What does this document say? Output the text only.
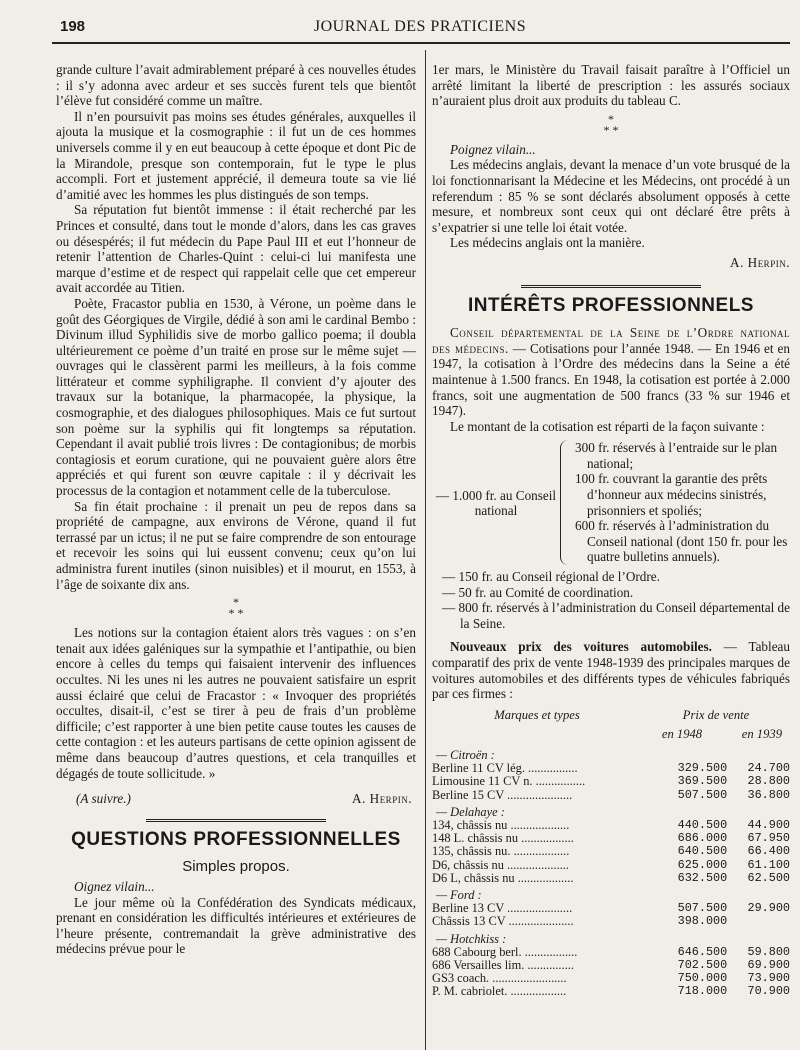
198	JOURNAL DES PRATICIENS

grande culture l’avait admirablement préparé à ces nouvelles études : il s’y adonna avec ardeur et ses succès furent tels que bientôt l’élève fut considéré comme un maître.

Il n’en poursuivit pas moins ses études générales, auxquelles il ajouta la musique et la cosmographie : il fut un de ces hommes universels comme il y en eut beaucoup à cette époque et dont Pic de la Mirandole, presque son contemporain, fut le type le plus accompli. Fort et justement apprécié, il demeura toute sa vie lié d’amitié avec les hommes les plus distingués de son temps.

Sa réputation fut bientôt immense : il était recherché par les Princes et consulté, dans tout le monde d’alors, dans les cas graves ou désespérés; il fut médecin du Pape Paul III et eut l’honneur de retenir l’attention de Charles-Quint : celui-ci lui manifesta une marque d’estime et de respect qui rappelait celle que cet empereur avait accordée au Titien.

Poète, Fracastor publia en 1530, à Vérone, un poème dans le goût des Géorgiques de Virgile, dédié à son ami le cardinal Bembo : Divinum illud Syphilidis sive de morbo gallico poema; il doubla ultérieurement ce poème d’un traité en prose sur le même sujet — ouvrages qui le classèrent parmi les meilleurs, à la fois comme littérateur et comme syphiligraphe. Il convient d’y ajouter des travaux sur la botanique, la pharmacopée, la physique, la cosmographie, et des dialogues philosophiques. Mais ce fut surtout son poème sur la syphilis qui fit longtemps sa réputation. Cependant il avait publié trois livres : De contagionibus; de morbis contagiosis et eorum curatione, qui ne pouvaient guère alors être appréciés et qui furent son œuvre capitale : il y décrivait les processus de la contagion et notamment celle de la tuberculose.

Sa fin était prochaine : il prenait un peu de repos dans sa propriété de campagne, aux environs de Vérone, quand il fut terrassé par un ictus; il ne put se faire comprendre de son entourage et recevoir les soins qui lui eussent convenu; ceux qu’on lui administra furent inutiles (sinon nuisibles) et il mourut, en 1553, à l’âge de soixante dix ans.

*
* *

Les notions sur la contagion étaient alors très vagues : on s’en tenait aux idées galéniques sur la sympathie et l’antipathie, ou bien encore à celles du temps qui faisaient intervenir des influences occultes. Ni les unes ni les autres ne pouvaient satisfaire un esprit aussi éclairé que celui de Fracastor : « Invoquer des propriétés occultes, disait-il, c’est se tirer à peu de frais d’un problème difficile; c’est rapporter à une bien petite cause toutes les causes de cette contagion : et les auteurs partisans de cette opinion agissent de même dans beaucoup d’autres questions, et cela tranquilles et dégagés de toute sollicitude. »

(A suivre.)	A. Herpin.
QUESTIONS PROFESSIONNELLES
Simples propos.

Oignez vilain...

Le jour même où la Confédération des Syndicats médicaux, prenant en considération les difficultés intérieures et extérieures de l’heure présente, contremandait la grève administrative des médecins prévue pour le

1er mars, le Ministère du Travail faisait paraître à l’Officiel un arrêté limitant la liberté de prescription : les assurés sociaux n’auraient plus droit aux produits du tableau C.

*
* *

Poignez vilain...

Les médecins anglais, devant la menace d’un vote brusqué de la loi fonctionnarisant la Médecine et les Médecins, ont procédé à un referendum : 85 % se sont déclarés absolument opposés à cette mesure, et nombreux sont ceux qui ont déclaré être prêts à s’expatrier si une telle loi était votée.

Les médecins anglais ont la manière.

A. Herpin.
INTÉRÊTS PROFESSIONNELS

Conseil départemental de la Seine de l’Ordre national des médecins. — Cotisations pour l’année 1948. — En 1946 et en 1947, la cotisation à l’Ordre des médecins dans la Seine a été maintenue à 1.500 francs. En 1948, la cotisation est portée à 2.000 francs, soit une augmentation de 500 francs (33 % sur 1946 et 1947).

Le montant de la cotisation est réparti de la façon suivante :

— 1.000 fr. au Conseil national
300 fr. réservés à l’entraide sur le plan national;
100 fr. couvrant la garantie des prêts d’honneur aux médecins sinistrés, prisonniers et spoliés;
600 fr. réservés à l’administration du Conseil national (dont 150 fr. pour les quatre bulletins annuels).
— 150 fr. au Conseil régional de l’Ordre.
— 50 fr. au Comité de coordination.
— 800 fr. réservés à l’administration du Conseil départemental de la Seine.

Nouveaux prix des voitures automobiles. — Tableau comparatif des prix de vente 1948-1939 des principales marques de voitures automobiles et des différents types de véhicules fabriqués par ces firmes :

Marques et types	Prix de vente
en 1948	en 1939
— Citroën :		
Berline 11 CV lég. ................	329.500	24.700
Limousine 11 CV n. ................	369.500	28.800
Berline 15 CV .....................	507.500	36.800
— Delahaye :		
134, châssis nu ...................	440.500	44.900
148 L. châssis nu .................	686.000	67.950
135, châssis nu. ..................	640.500	66.400
D6, châssis nu ....................	625.000	61.100
D6 L, châssis nu ..................	632.500	62.500
— Ford :		
Berline 13 CV .....................	507.500	29.900
Châssis 13 CV .....................	398.000	
— Hotchkiss :		
688 Cabourg berl. .................	646.500	59.800
686 Versailles lim. ...............	702.500	69.900
GS3 coach. ........................	750.000	73.900
P. M. cabriolet. ..................	718.000	70.900
